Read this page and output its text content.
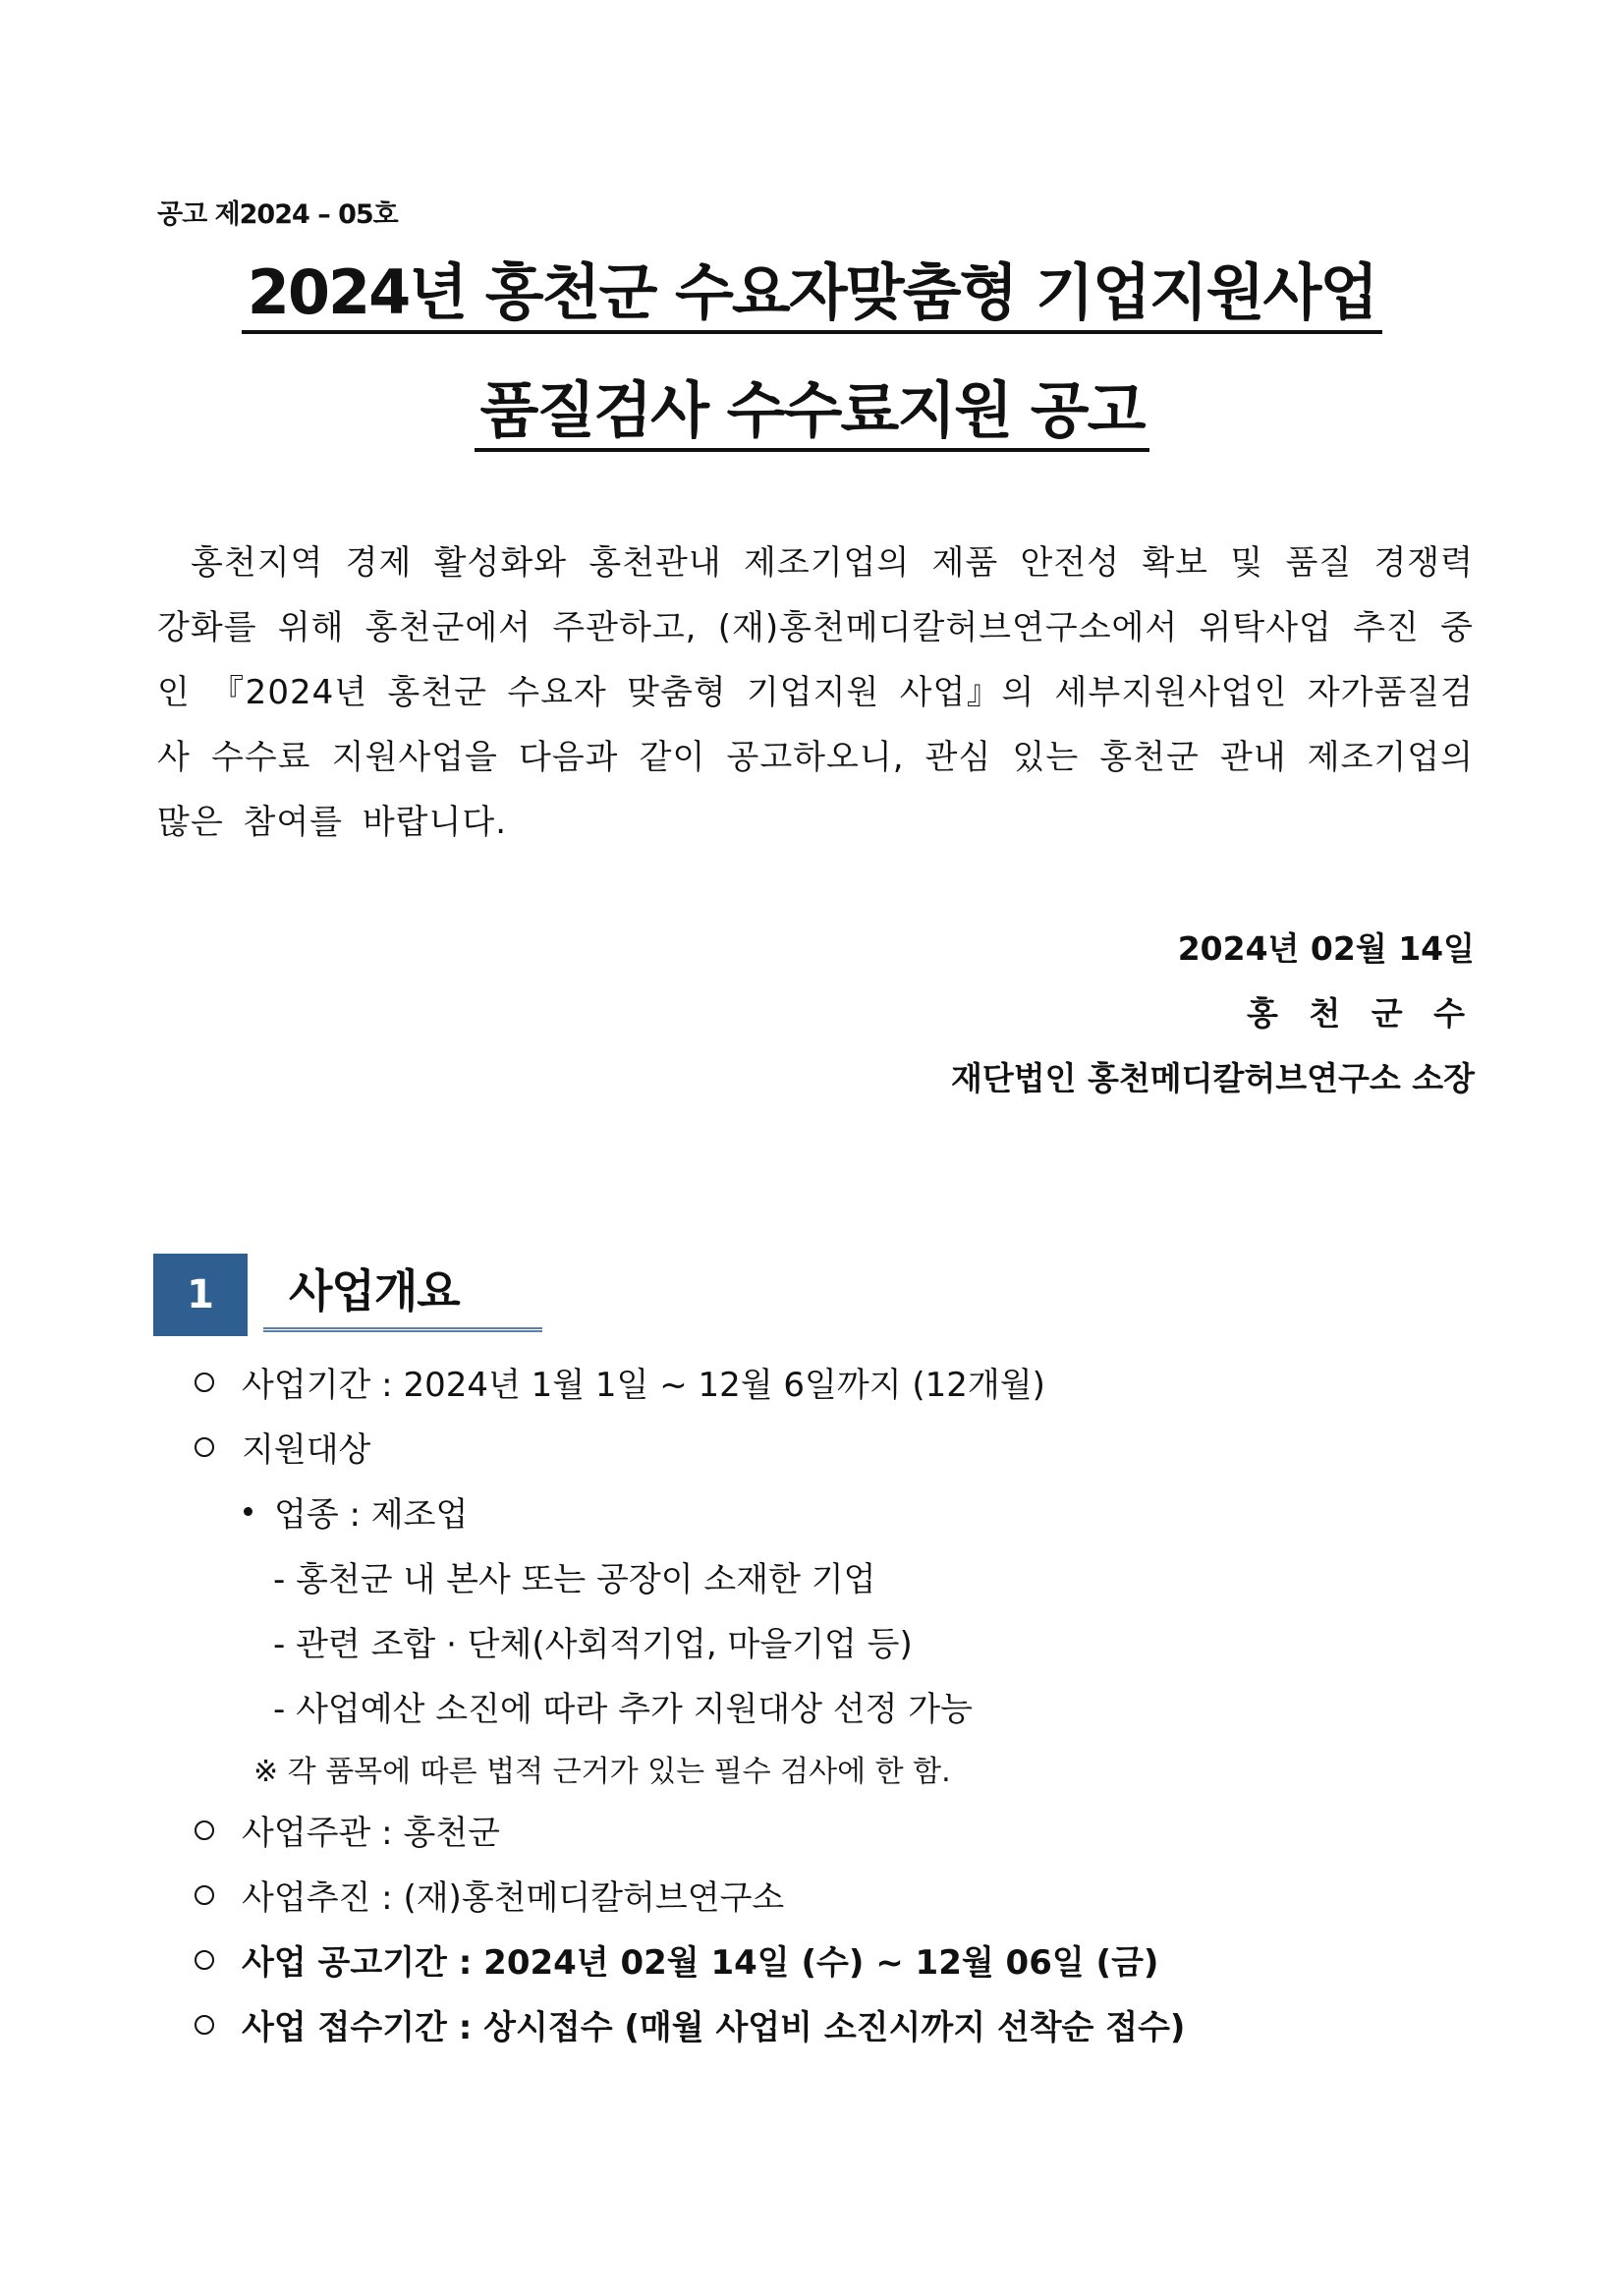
공고 제2024 – 05호
2024년 홍천군 수요자맞춤형 기업지원사업
품질검사 수수료지원 공고
홍천지역 경제 활성화와 홍천관내 제조기업의 제품 안전성 확보 및 품질 경쟁력 강화를 위해 홍천군에서 주관하고, (재)홍천메디칼허브연구소에서 위탁사업 추진 중인 『2024년 홍천군 수요자 맞춤형 기업지원 사업』의 세부지원사업인 자가품질검사 수수료 지원사업을 다음과 같이 공고하오니, 관심 있는 홍천군 관내 제조기업의 많은 참여를 바랍니다.
2024년 02월 14일
홍 천 군 수
재단법인 홍천메디칼허브연구소 소장
1	사업개요
사업기간 : 2024년 1월 1일 ~ 12월 6일까지 (12개월)
지원대상
업종 : 제조업
- 홍천군 내 본사 또는 공장이 소재한 기업
- 관련 조합 · 단체(사회적기업, 마을기업 등)
- 사업예산 소진에 따라 추가 지원대상 선정 가능
※ 각 품목에 따른 법적 근거가 있는 필수 검사에 한 함.
사업주관 : 홍천군
사업추진 : (재)홍천메디칼허브연구소
사업 공고기간 : 2024년 02월 14일 (수) ~ 12월 06일 (금)
사업 접수기간 : 상시접수 (매월 사업비 소진시까지 선착순 접수)
